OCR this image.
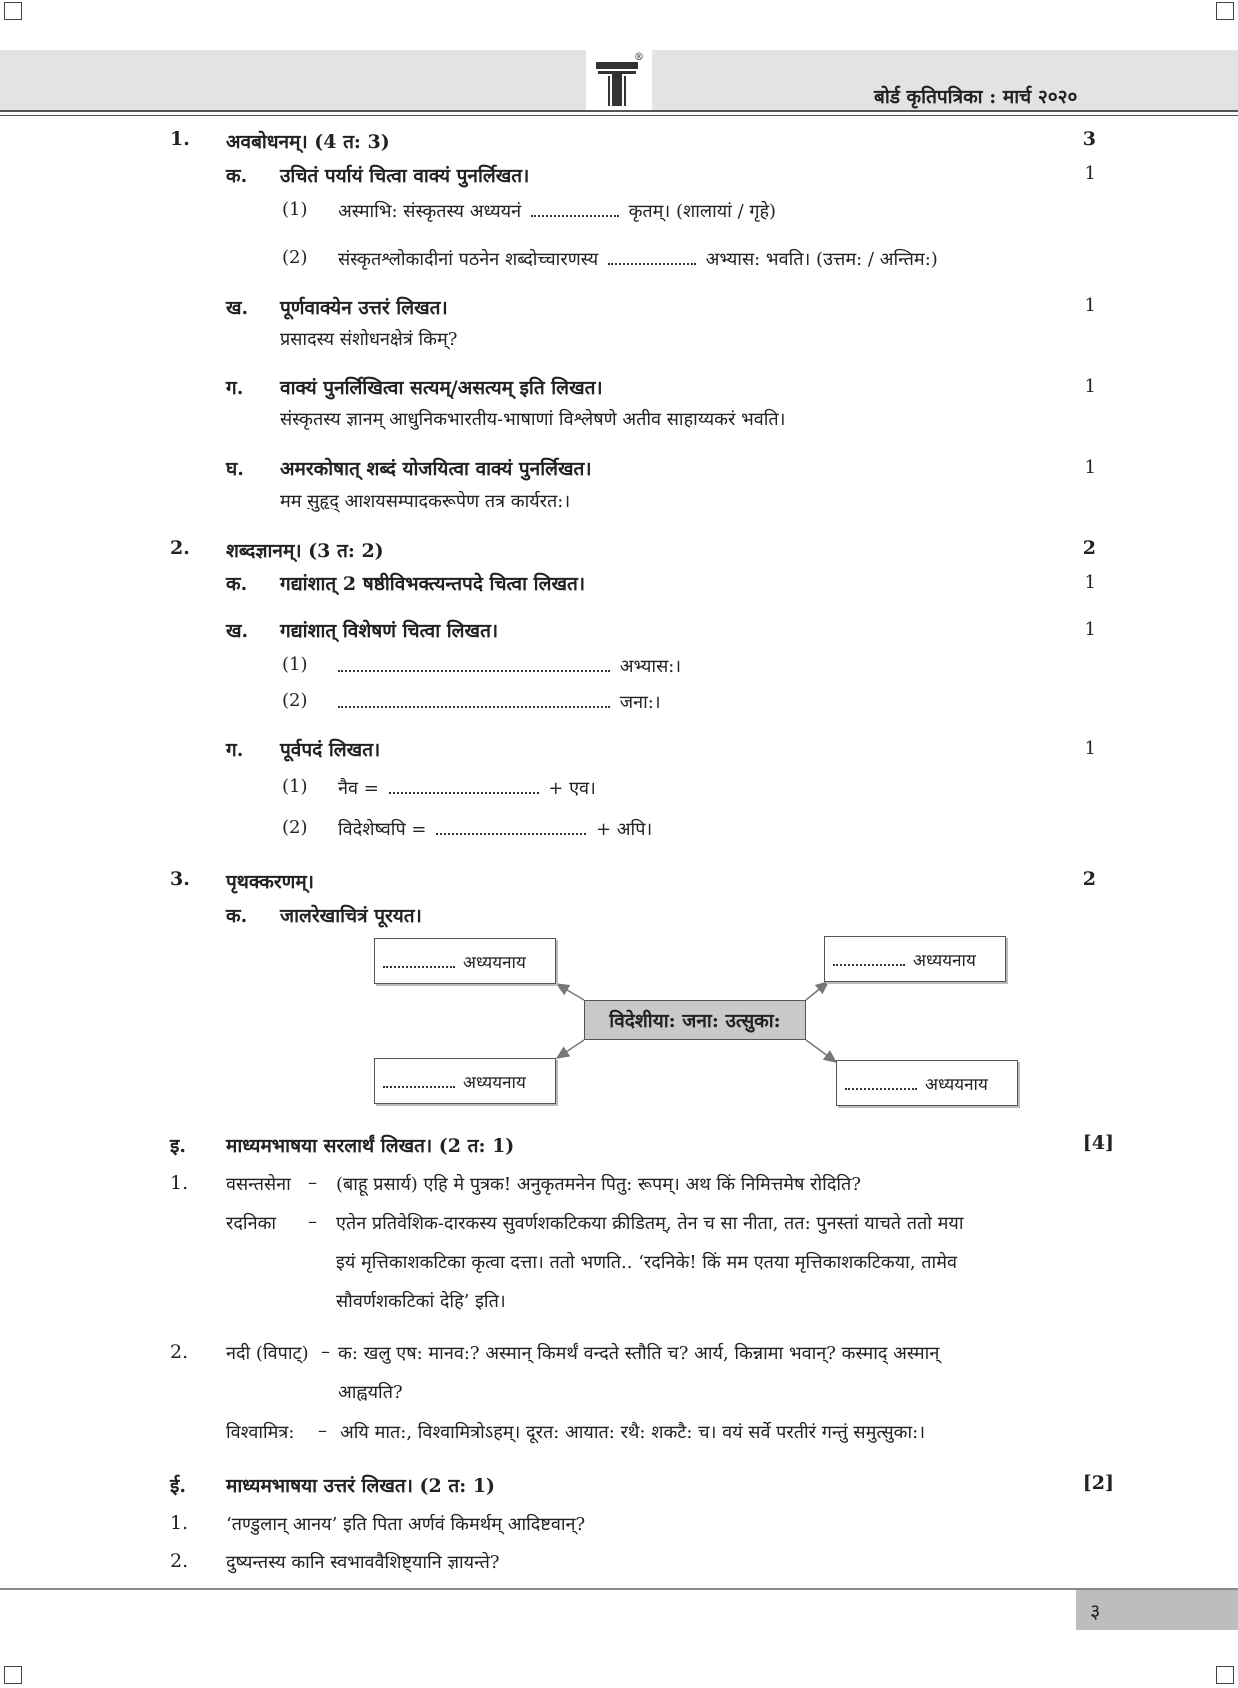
®
बोर्ड कृतिपत्रिका : मार्च २०२०
1. अवबोधनम्। (4 त: 3)	3
क. उचितं पर्यायं चित्वा वाक्यं पुनर्लिखत।	1
(1) अस्माभि: संस्कृतस्य अध्ययनं	कृतम्। (शालायां / गृहे)
(2) संस्कृतश्लोकादीनां पठनेन शब्दोच्चारणस्य	अभ्यास: भवति। (उत्तम: / अन्तिम:)
ख. पूर्णवाक्येन उत्तरं लिखत।	1
प्रसादस्य संशोधनक्षेत्रं किम्?
ग. वाक्यं पुनर्लिखित्वा सत्यम्/असत्यम् इति लिखत।	1
संस्कृतस्य ज्ञानम् आधुनिकभारतीय-भाषाणां विश्लेषणे अतीव साहाय्यकरं भवति।
घ. अमरकोषात् शब्दं योजयित्वा वाक्यं पुनर्लिखत।	1
मम सुहृद् आशयसम्पादकरूपेण तत्र कार्यरत:।
2. शब्दज्ञानम्। (3 त: 2)	2
क. गद्यांशात् 2 षष्ठीविभक्त्यन्तपदे चित्वा लिखत।	1
ख. गद्यांशात् विशेषणं चित्वा लिखत।	1
(1)	अभ्यास:।
(2)	जना:।
ग. पूर्वपदं लिखत।	1
(1) नैव =	+ एव।
(2) विदेशेष्वपि =	+ अपि।
3. पृथक्करणम्।	2
क. जालरेखाचित्रं पूरयत।
विदेशीया: जना: उत्सुका:
अध्ययनाय	अध्ययनाय
अध्ययनाय	अध्ययनाय
इ. माध्यमभाषया सरलार्थं लिखत। (2 त: 1)	[4]
1. वसन्तसेना – (बाहू प्रसार्य) एहि मे पुत्रक! अनुकृतमनेन पितु: रूपम्। अथ किं निमित्तमेष रोदिति?
रदनिका – एतेन प्रतिवेशिक-दारकस्य सुवर्णशकटिकया क्रीडितम्, तेन च सा नीता, तत: पुनस्तां याचते ततो मया
इयं मृत्तिकाशकटिका कृत्वा दत्ता। ततो भणति.. ‘रदनिके! किं मम एतया मृत्तिकाशकटिकया, तामेव
सौवर्णशकटिकां देहि’ इति।
2. नदी (विपाट्) – क: खलु एष: मानव:? अस्मान् किमर्थं वन्दते स्तौति च? आर्य, किन्नामा भवान्? कस्माद् अस्मान्
आह्वयति?
विश्वामित्र: – अयि मात:, विश्वामित्रोऽहम्। दूरत: आयात: रथै: शकटै: च। वयं सर्वे परतीरं गन्तुं समुत्सुका:।
ई. माध्यमभाषया उत्तरं लिखत। (2 त: 1)	[2]
1. ‘तण्डुलान् आनय’ इति पिता अर्णवं किमर्थम् आदिष्टवान्?
2. दुष्यन्तस्य कानि स्वभाववैशिष्ट्यानि ज्ञायन्ते?
३
